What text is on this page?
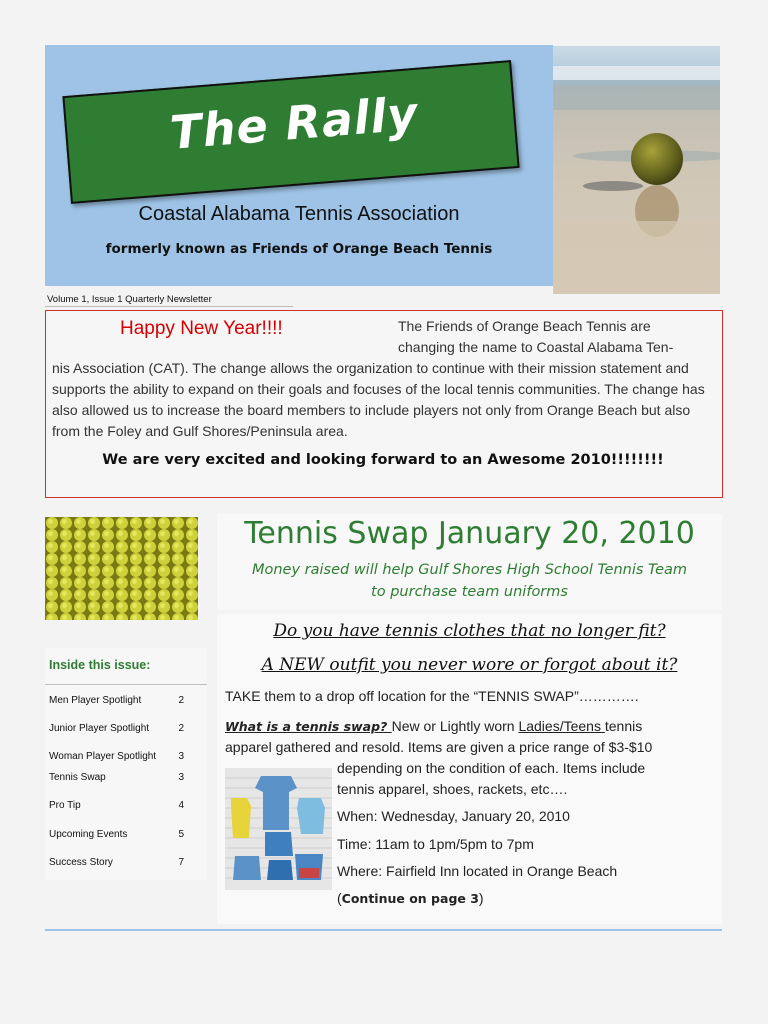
The Rally
Coastal Alabama Tennis Association
formerly known as Friends of Orange Beach Tennis
Volume 1, Issue 1 Quarterly Newsletter
Happy New Year!!!!	The Friends of Orange Beach Tennis are
changing the name to Coastal Alabama Ten-
nis Association (CAT). The change allows the organization to continue with their mission statement and supports the ability to expand on their goals and focuses of the local tennis communities. The change has also allowed us to increase the board members to include players not only from Orange Beach but also from the Foley and Gulf Shores/Peninsula area.
We are very excited and looking forward to an Awesome 2010!!!!!!!!
Inside this issue:
Men Player Spotlight	2
Junior Player Spotlight	2
Woman Player Spotlight 3
Tennis Swap	3
Pro Tip	4
Upcoming Events	5
Success Story	7
Tennis Swap January 20, 2010
Money raised will help Gulf Shores High School Tennis Team
to purchase team uniforms
Do you have tennis clothes that no longer fit?
A NEW outfit you never wore or forgot about it?
TAKE them to a drop off location for the “TENNIS SWAP”………….
What is a tennis swap? New or Lightly worn Ladies/Teens tennis
apparel gathered and resold. Items are given a price range of $3-$10
depending on the condition of each. Items include
tennis apparel, shoes, rackets, etc….
When: Wednesday, January 20, 2010
Time: 11am to 1pm/5pm to 7pm
Where: Fairfield Inn located in Orange Beach
(Continue on page 3)
